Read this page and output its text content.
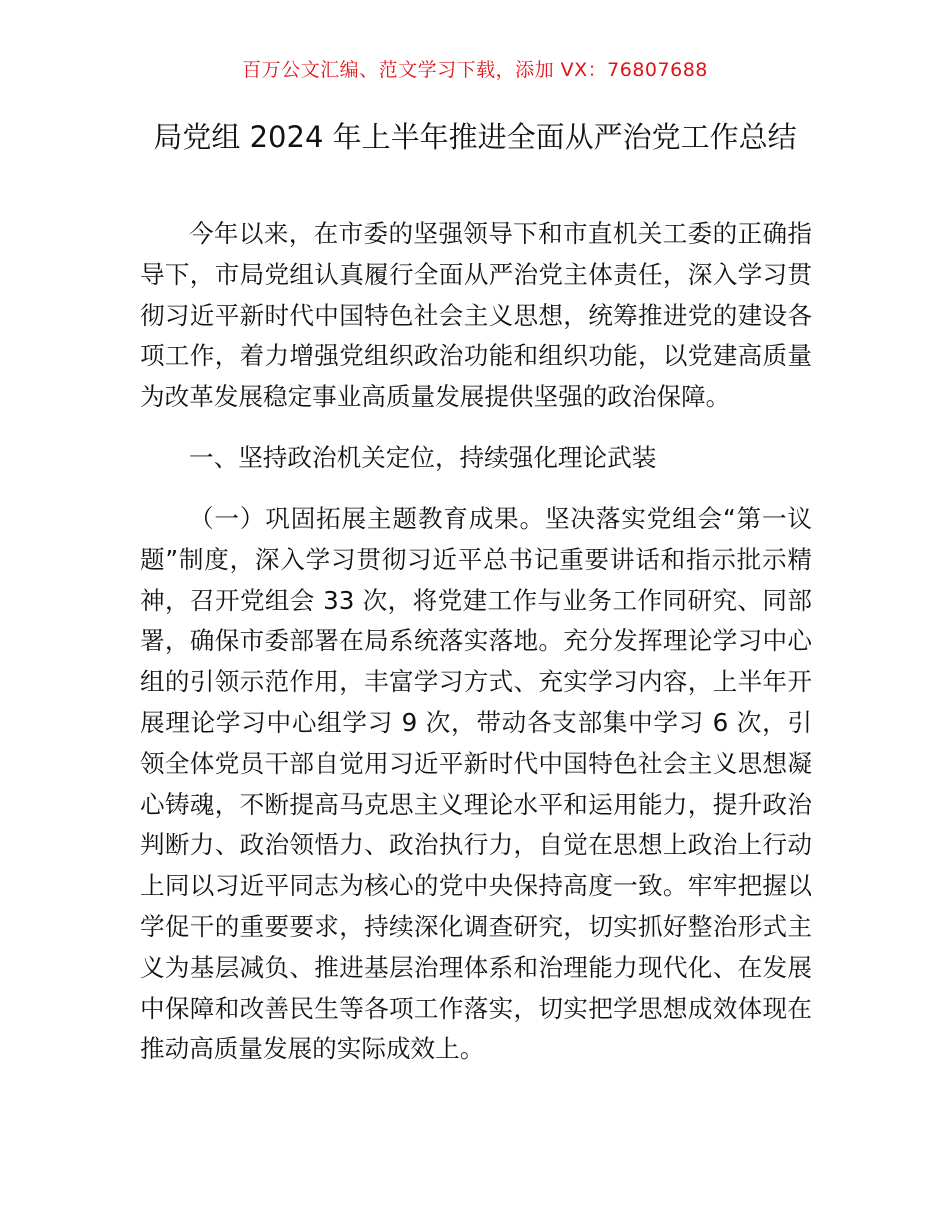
百万公文汇编、范文学习下载，添加 VX：76807688
局党组 2024 年上半年推进全面从严治党工作总结

今年以来，在市委的坚强领导下和市直机关工委的正确指导下，市局党组认真履行全面从严治党主体责任，深入学习贯彻习近平新时代中国特色社会主义思想，统筹推进党的建设各项工作，着力增强党组织政治功能和组织功能，以党建高质量为改革发展稳定事业高质量发展提供坚强的政治保障。

一、坚持政治机关定位，持续强化理论武装

（一）巩固拓展主题教育成果。坚决落实党组会“第一议题”制度，深入学习贯彻习近平总书记重要讲话和指示批示精神，召开党组会 33 次，将党建工作与业务工作同研究、同部署，确保市委部署在局系统落实落地。充分发挥理论学习中心组的引领示范作用，丰富学习方式、充实学习内容，上半年开展理论学习中心组学习 9 次，带动各支部集中学习 6 次，引领全体党员干部自觉用习近平新时代中国特色社会主义思想凝心铸魂，不断提高马克思主义理论水平和运用能力，提升政治判断力、政治领悟力、政治执行力，自觉在思想上政治上行动上同以习近平同志为核心的党中央保持高度一致。牢牢把握以学促干的重要要求，持续深化调查研究，切实抓好整治形式主义为基层减负、推进基层治理体系和治理能力现代化、在发展中保障和改善民生等各项工作落实，切实把学思想成效体现在推动高质量发展的实际成效上。
